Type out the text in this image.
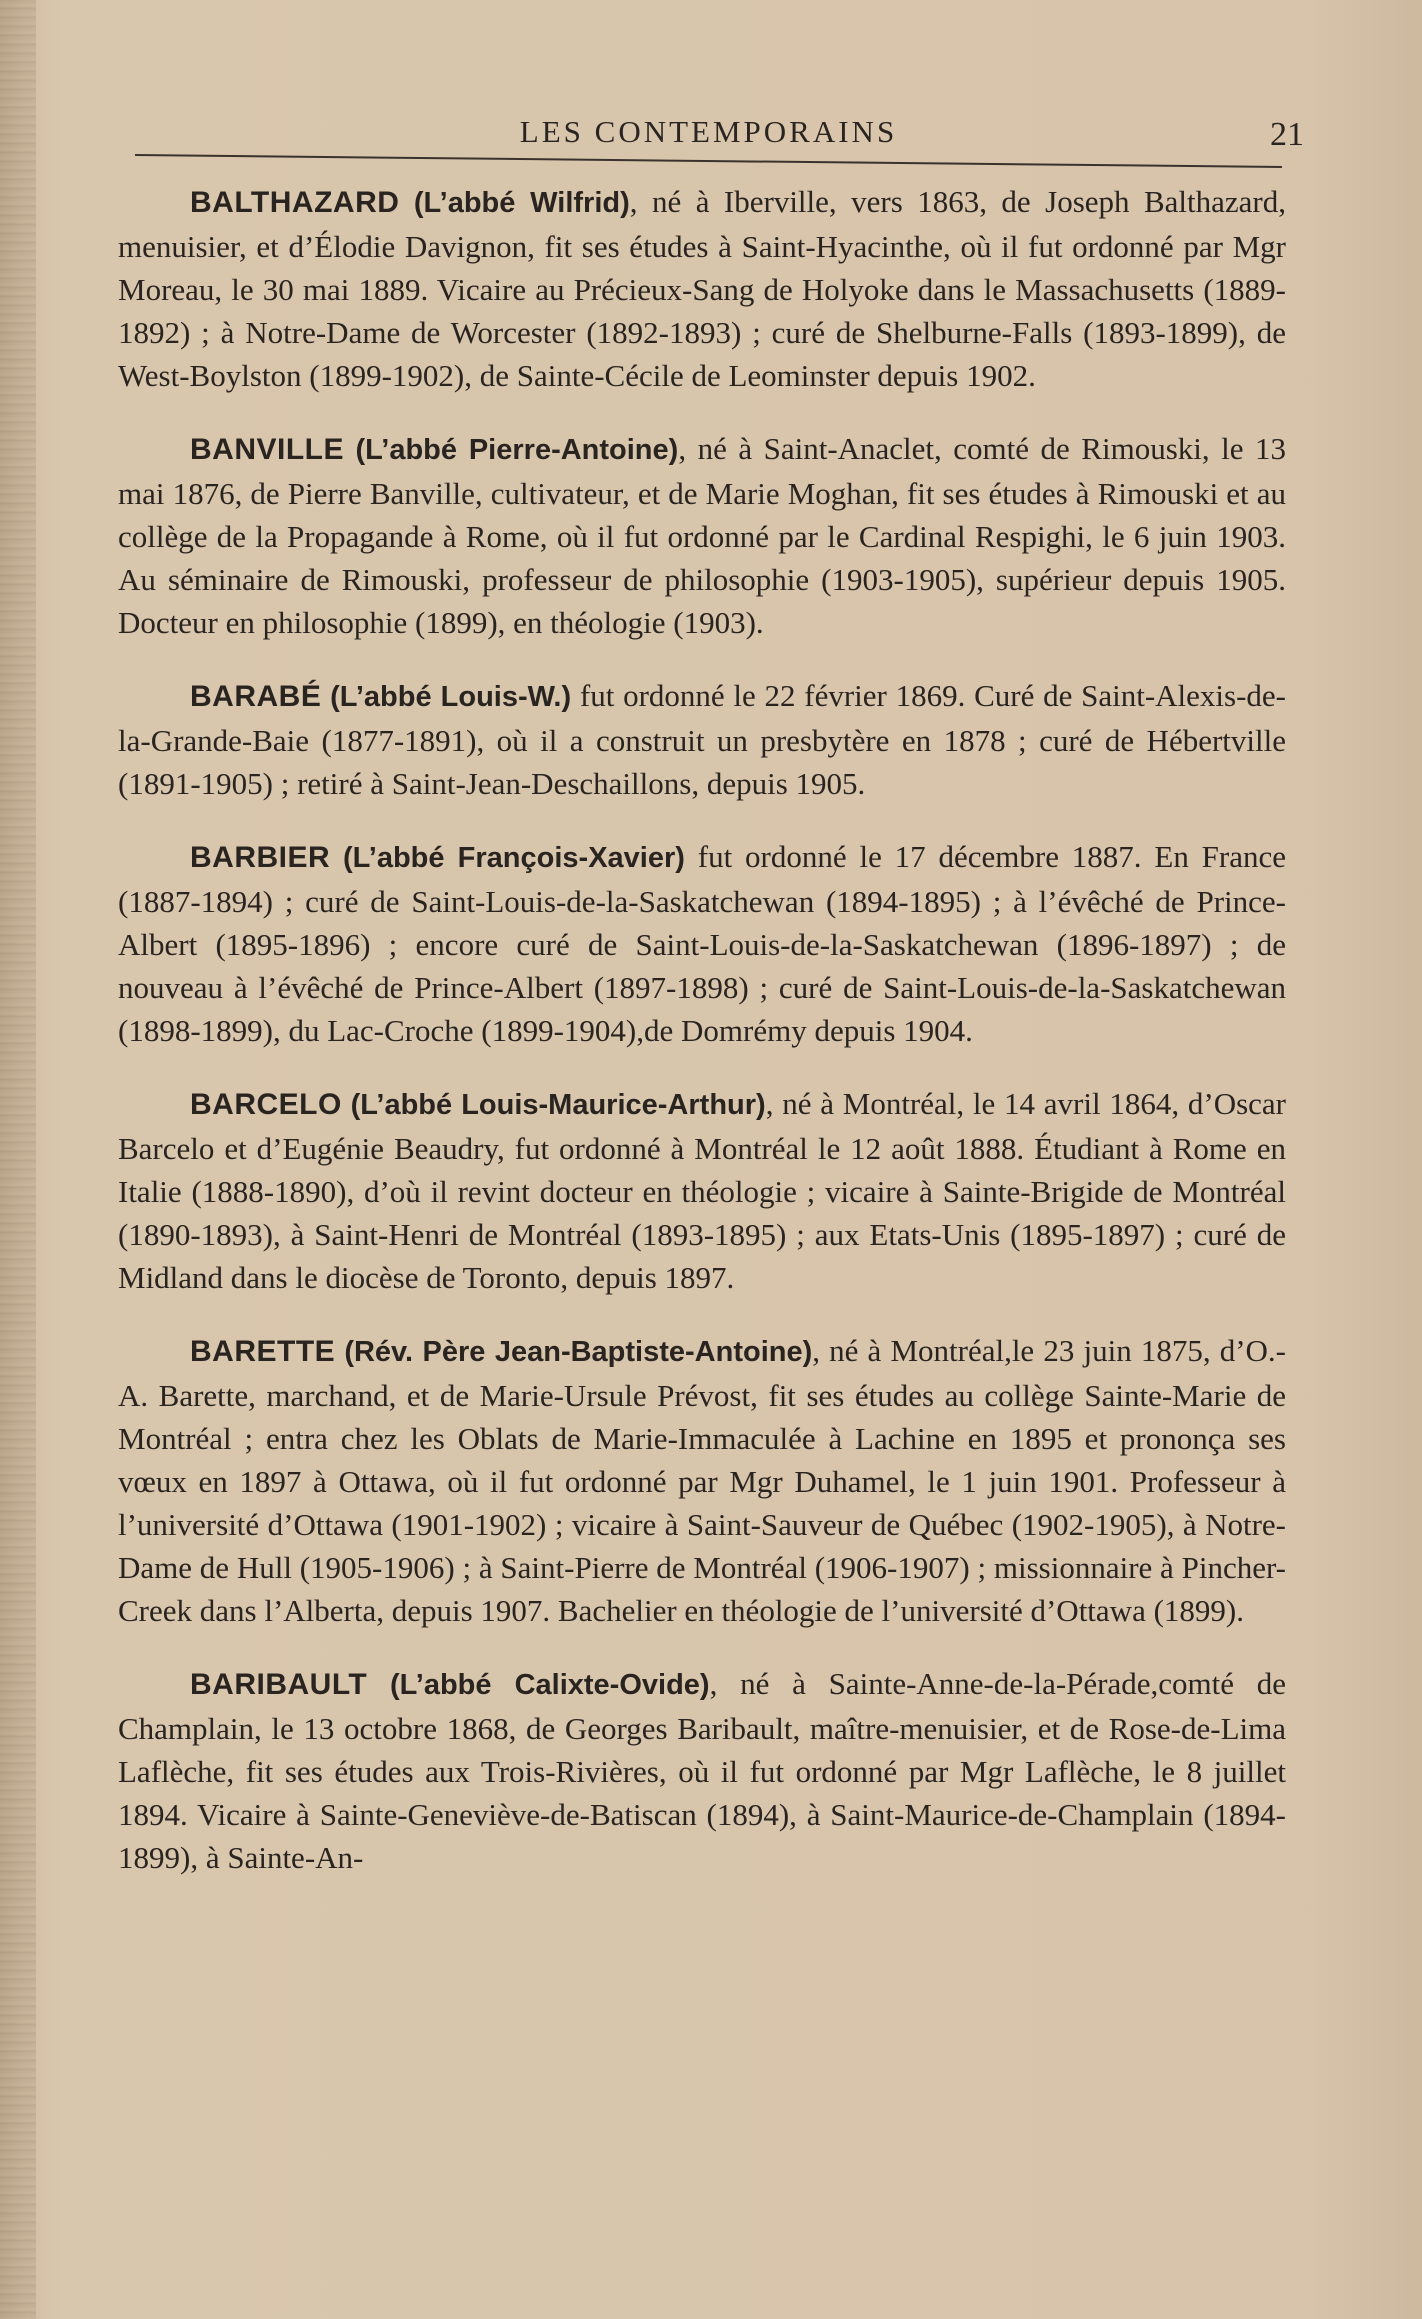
LES CONTEMPORAINS	21

BALTHAZARD (L’abbé Wilfrid), né à Iberville, vers 1863, de Joseph Balthazard, menuisier, et d’Élodie Davignon, fit ses études à Saint-Hyacinthe, où il fut ordonné par Mgr Moreau, le 30 mai 1889. Vicaire au Précieux-Sang de Holyoke dans le Massachusetts (1889-1892) ; à Notre-Dame de Worcester (1892-1893) ; curé de Shelburne-Falls (1893-1899), de West-Boylston (1899-1902), de Sainte-Cécile de Leominster depuis 1902.

BANVILLE (L’abbé Pierre-Antoine), né à Saint-Anaclet, comté de Rimouski, le 13 mai 1876, de Pierre Banville, cultivateur, et de Marie Moghan, fit ses études à Rimouski et au collège de la Propagande à Rome, où il fut ordonné par le Cardinal Respighi, le 6 juin 1903. Au séminaire de Rimouski, professeur de philosophie (1903-1905), supérieur depuis 1905. Docteur en philosophie (1899), en théologie (1903).

BARABÉ (L’abbé Louis-W.) fut ordonné le 22 février 1869. Curé de Saint-Alexis-de-la-Grande-Baie (1877-1891), où il a construit un presbytère en 1878 ; curé de Hébertville (1891-1905) ; retiré à Saint-Jean-Deschaillons, depuis 1905.

BARBIER (L’abbé François-Xavier) fut ordonné le 17 décembre 1887. En France (1887-1894) ; curé de Saint-Louis-de-la-Saskatchewan (1894-1895) ; à l’évêché de Prince-Albert (1895-1896) ; encore curé de Saint-Louis-de-la-Saskatchewan (1896-1897) ; de nouveau à l’évêché de Prince-Albert (1897-1898) ; curé de Saint-Louis-de-la-Saskatchewan (1898-1899), du Lac-Croche (1899-1904),de Domrémy depuis 1904.

BARCELO (L’abbé Louis-Maurice-Arthur), né à Montréal, le 14 avril 1864, d’Oscar Barcelo et d’Eugénie Beaudry, fut ordonné à Montréal le 12 août 1888. Étudiant à Rome en Italie (1888-1890), d’où il revint docteur en théologie ; vicaire à Sainte-Brigide de Montréal (1890-1893), à Saint-Henri de Montréal (1893-1895) ; aux Etats-Unis (1895-1897) ; curé de Midland dans le diocèse de Toronto, depuis 1897.

BARETTE (Rév. Père Jean-Baptiste-Antoine), né à Montréal,le 23 juin 1875, d’O.-A. Barette, marchand, et de Marie-Ursule Prévost, fit ses études au collège Sainte-Marie de Montréal ; entra chez les Oblats de Marie-Immaculée à Lachine en 1895 et prononça ses vœux en 1897 à Ottawa, où il fut ordonné par Mgr Duhamel, le 1 juin 1901. Professeur à l’université d’Ottawa (1901-1902) ; vicaire à Saint-Sauveur de Québec (1902-1905), à Notre-Dame de Hull (1905-1906) ; à Saint-Pierre de Montréal (1906-1907) ; missionnaire à Pincher-Creek dans l’Alberta, depuis 1907. Bachelier en théologie de l’université d’Ottawa (1899).

BARIBAULT (L’abbé Calixte-Ovide), né à Sainte-Anne-de-la-Pérade,comté de Champlain, le 13 octobre 1868, de Georges Baribault, maître-menuisier, et de Rose-de-Lima Laflèche, fit ses études aux Trois-Rivières, où il fut ordonné par Mgr Laflèche, le 8 juillet 1894. Vicaire à Sainte-Geneviève-de-Batiscan (1894), à Saint-Maurice-de-Champlain (1894-1899), à Sainte-An-
